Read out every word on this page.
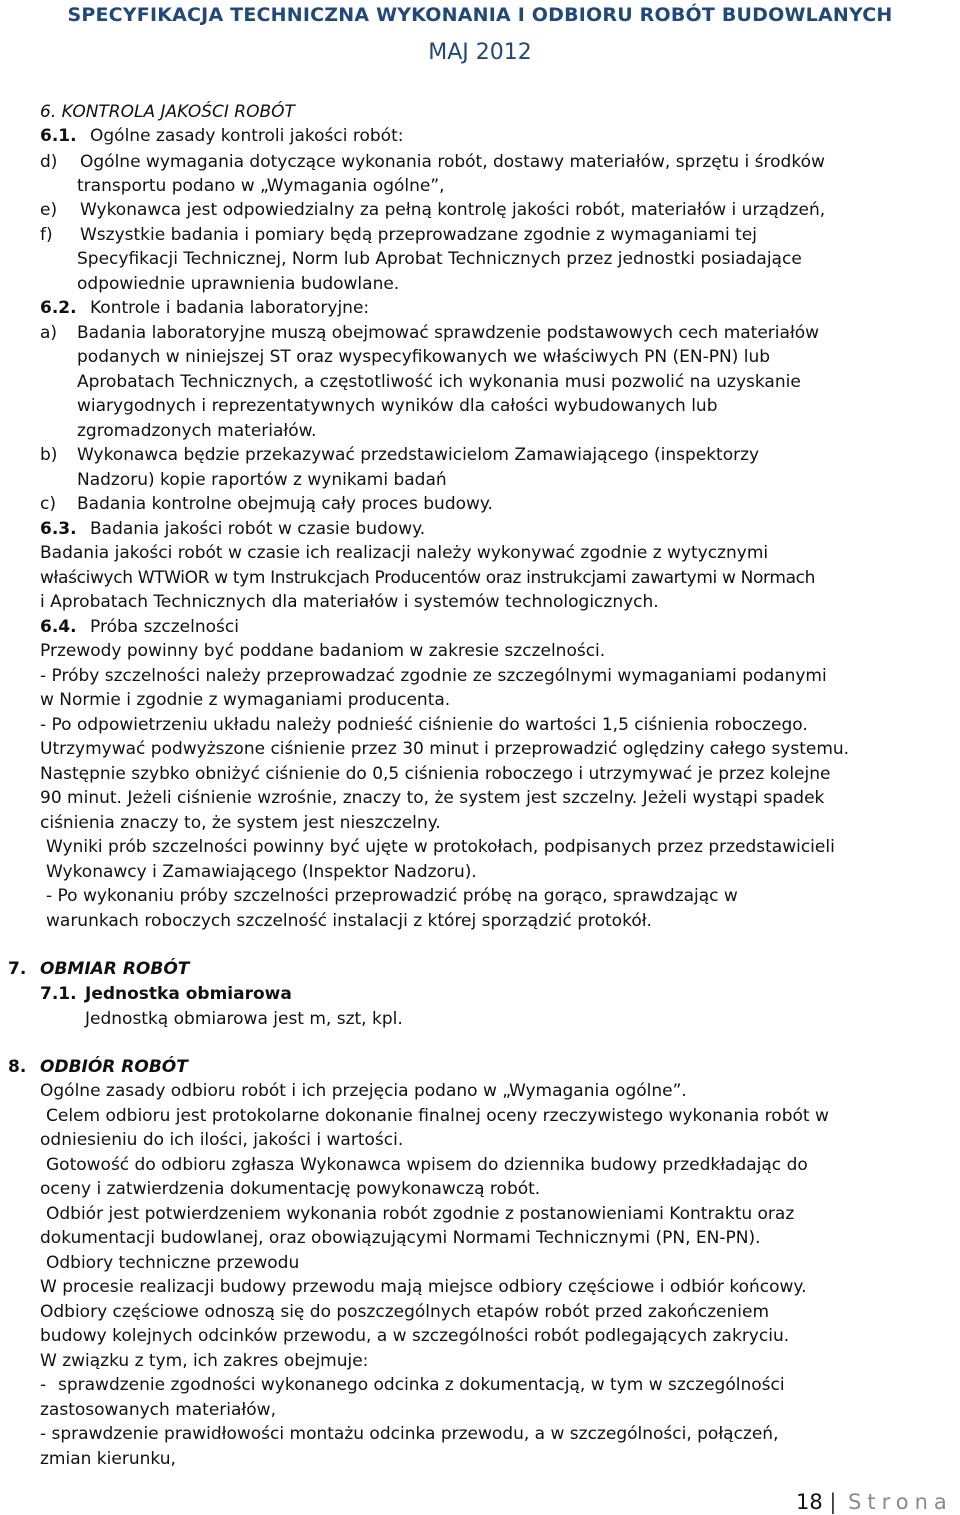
SPECYFIKACJA TECHNICZNA WYKONANIA I ODBIORU ROBÓT BUDOWLANYCH
MAJ 2012
6. KONTROLA JAKOŚCI ROBÓT
6.1. Ogólne zasady kontroli jakości robót:
d) Ogólne wymagania dotyczące wykonania robót, dostawy materiałów, sprzętu i środków
transportu podano w „Wymagania ogólne”,
e) Wykonawca jest odpowiedzialny za pełną kontrolę jakości robót, materiałów i urządzeń,
f) Wszystkie badania i pomiary będą przeprowadzane zgodnie z wymaganiami tej
Specyfikacji Technicznej, Norm lub Aprobat Technicznych przez jednostki posiadające
odpowiednie uprawnienia budowlane.
6.2. Kontrole i badania laboratoryjne:
a) Badania laboratoryjne muszą obejmować sprawdzenie podstawowych cech materiałów
podanych w niniejszej ST oraz wyspecyfikowanych we właściwych PN (EN-PN) lub
Aprobatach Technicznych, a częstotliwość ich wykonania musi pozwolić na uzyskanie
wiarygodnych i reprezentatywnych wyników dla całości wybudowanych lub
zgromadzonych materiałów.
b) Wykonawca będzie przekazywać przedstawicielom Zamawiającego (inspektorzy
Nadzoru) kopie raportów z wynikami badań
c) Badania kontrolne obejmują cały proces budowy.
6.3. Badania jakości robót w czasie budowy.
Badania jakości robót w czasie ich realizacji należy wykonywać zgodnie z wytycznymi
właściwych WTWiOR w tym Instrukcjach Producentów oraz instrukcjami zawartymi w Normach
i Aprobatach Technicznych dla materiałów i systemów technologicznych.
6.4. Próba szczelności
Przewody powinny być poddane badaniom w zakresie szczelności.
- Próby szczelności należy przeprowadzać zgodnie ze szczególnymi wymaganiami podanymi
w Normie i zgodnie z wymaganiami producenta.
- Po odpowietrzeniu układu należy podnieść ciśnienie do wartości 1,5 ciśnienia roboczego.
Utrzymywać podwyższone ciśnienie przez 30 minut i przeprowadzić oględziny całego systemu.
Następnie szybko obniżyć ciśnienie do 0,5 ciśnienia roboczego i utrzymywać je przez kolejne
90 minut. Jeżeli ciśnienie wzrośnie, znaczy to, że system jest szczelny. Jeżeli wystąpi spadek
ciśnienia znaczy to, że system jest nieszczelny.
Wyniki prób szczelności powinny być ujęte w protokołach, podpisanych przez przedstawicieli
Wykonawcy i Zamawiającego (Inspektor Nadzoru).
- Po wykonaniu próby szczelności przeprowadzić próbę na gorąco, sprawdzając w
warunkach roboczych szczelność instalacji z której sporządzić protokół.
7. OBMIAR ROBÓT
7.1. Jednostka obmiarowa
Jednostką obmiarowa jest m, szt, kpl.
8. ODBIÓR ROBÓT
Ogólne zasady odbioru robót i ich przejęcia podano w „Wymagania ogólne”.
Celem odbioru jest protokolarne dokonanie finalnej oceny rzeczywistego wykonania robót w
odniesieniu do ich ilości, jakości i wartości.
Gotowość do odbioru zgłasza Wykonawca wpisem do dziennika budowy przedkładając do
oceny i zatwierdzenia dokumentację powykonawczą robót.
Odbiór jest potwierdzeniem wykonania robót zgodnie z postanowieniami Kontraktu oraz
dokumentacji budowlanej, oraz obowiązującymi Normami Technicznymi (PN, EN-PN).
Odbiory techniczne przewodu
W procesie realizacji budowy przewodu mają miejsce odbiory częściowe i odbiór końcowy.
Odbiory częściowe odnoszą się do poszczególnych etapów robót przed zakończeniem
budowy kolejnych odcinków przewodu, a w szczególności robót podlegających zakryciu.
W związku z tym, ich zakres obejmuje:
- sprawdzenie zgodności wykonanego odcinka z dokumentacją, w tym w szczególności
zastosowanych materiałów,
- sprawdzenie prawidłowości montażu odcinka przewodu, a w szczególności, połączeń,
zmian kierunku,
18 | Strona
